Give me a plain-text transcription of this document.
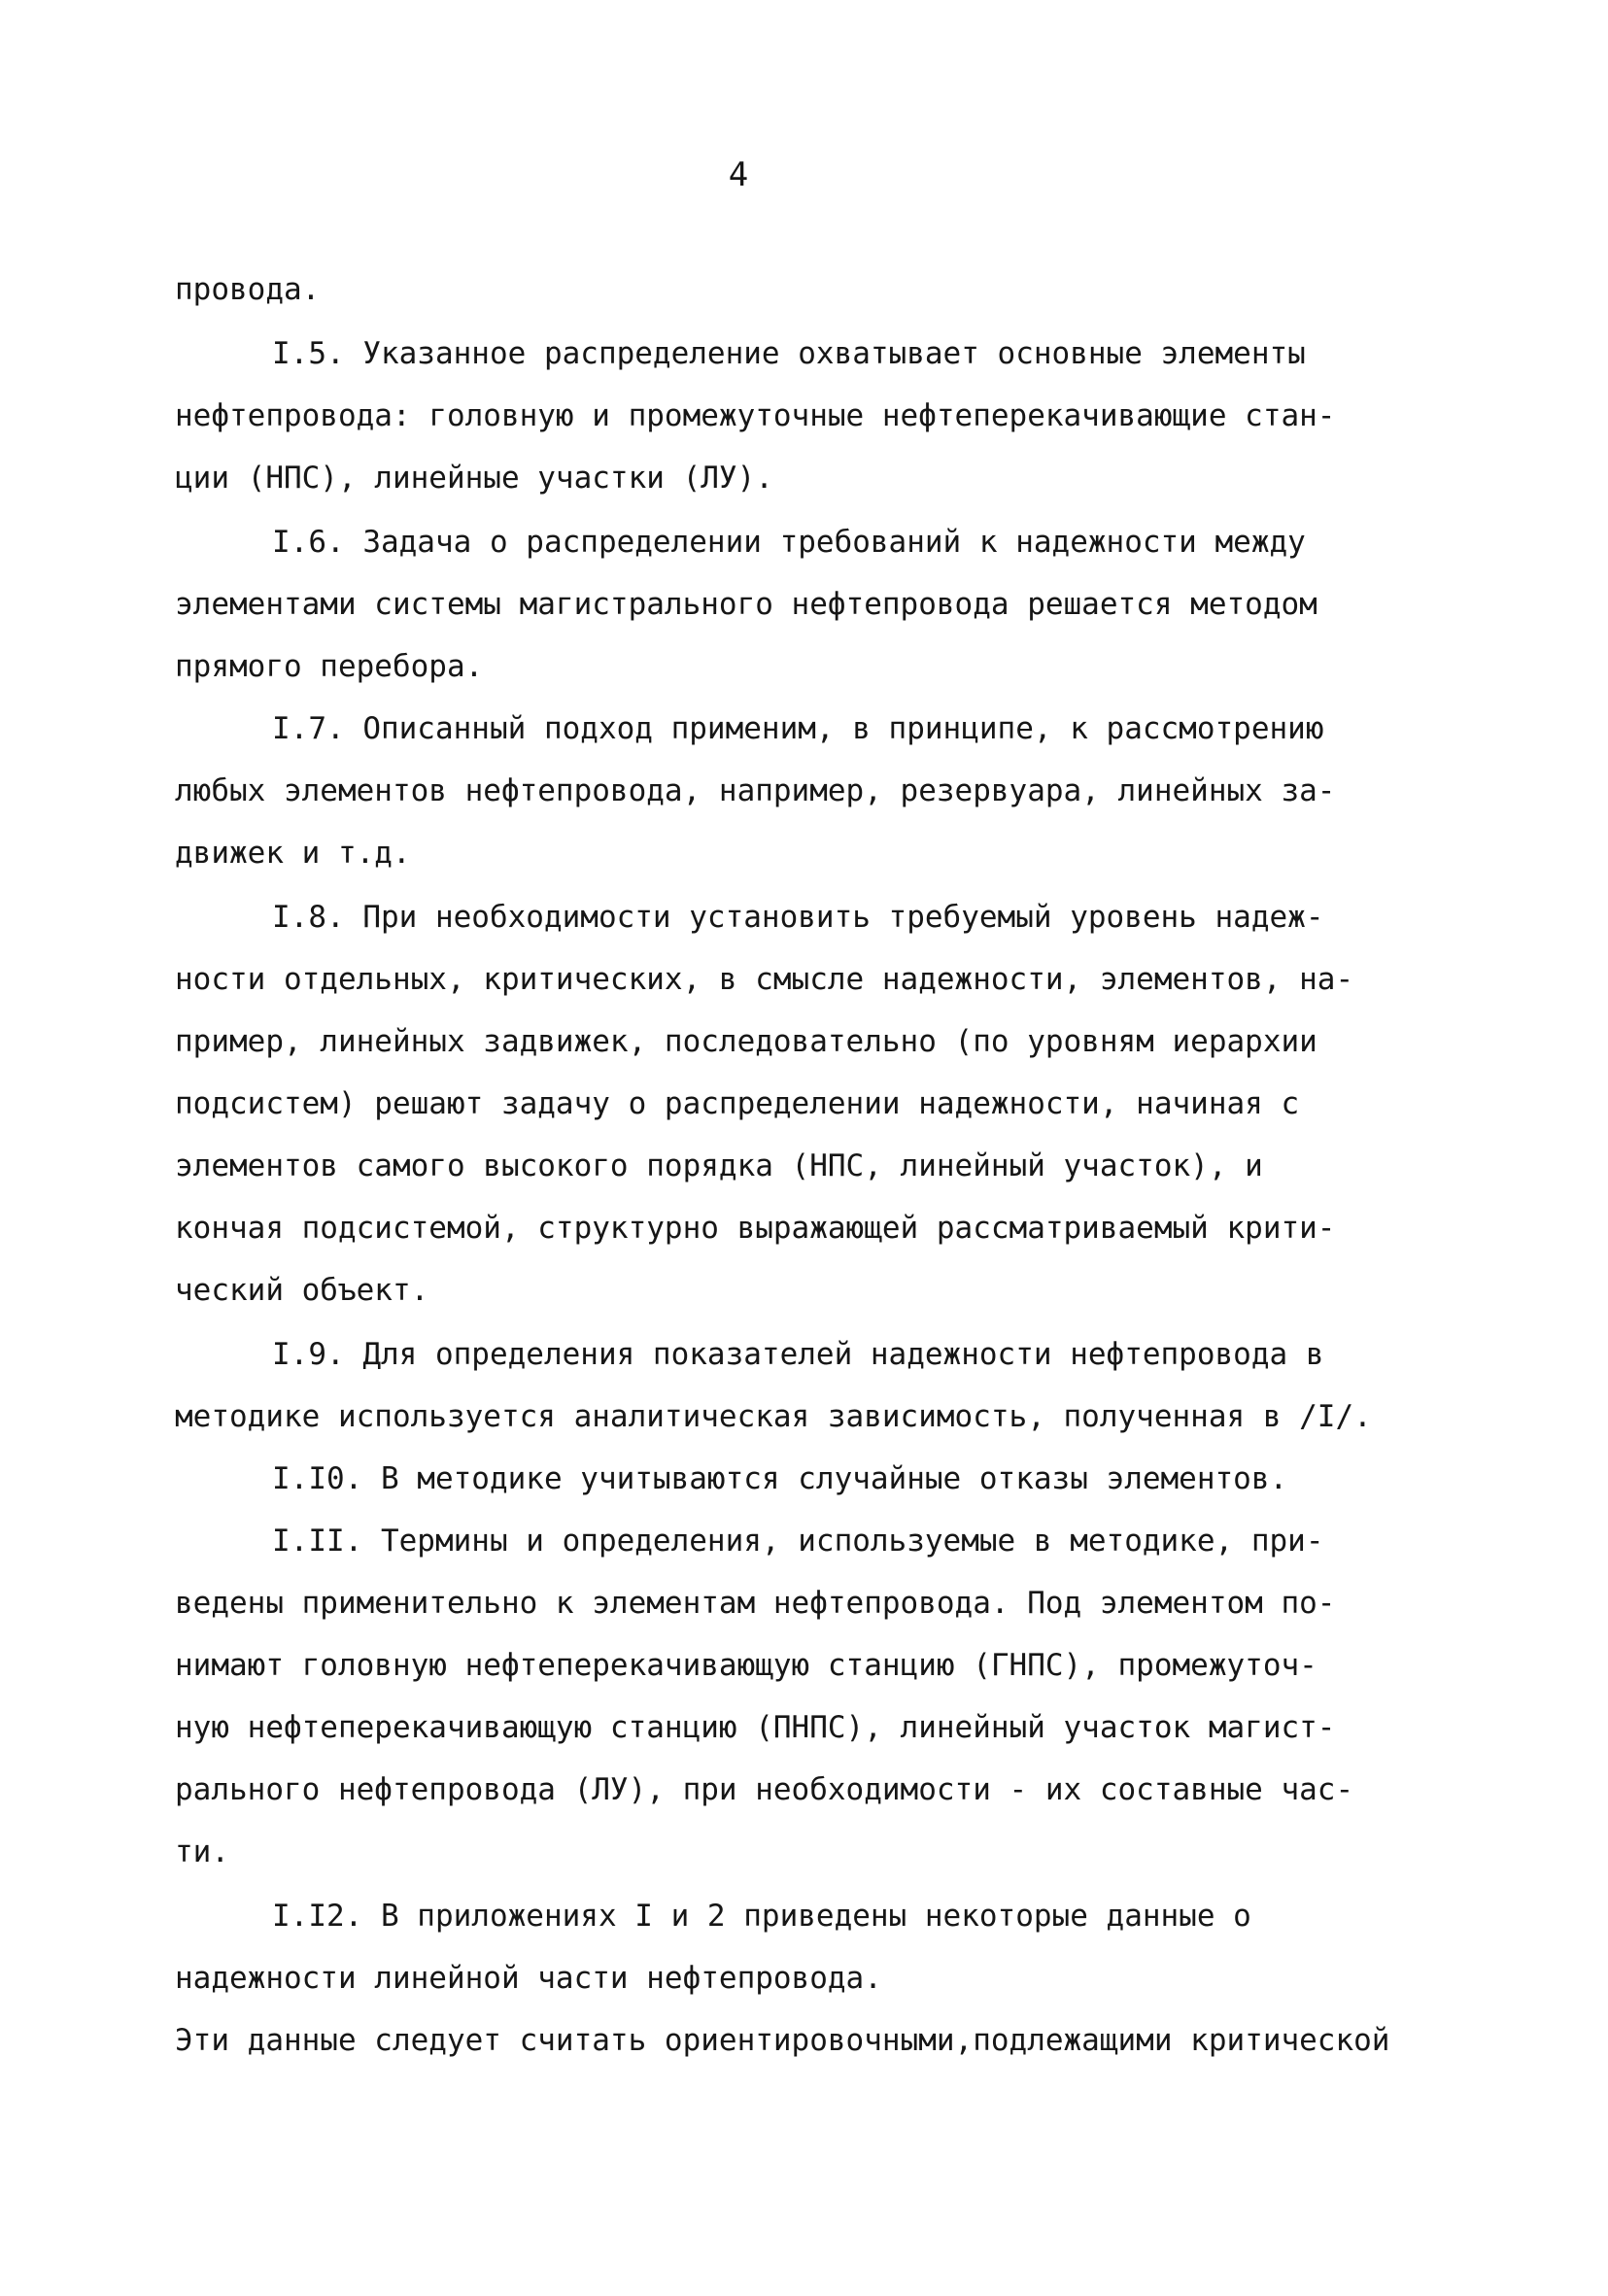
4
провода.
I.5. Указанное распределение охватывает основные элементы
нефтепровода: головную и промежуточные нефтеперекачивающие стан-
ции (НПС), линейные участки (ЛУ).
I.6. Задача о распределении требований к надежности между
элементами системы магистрального нефтепровода решается методом
прямого перебора.
I.7. Описанный подход применим, в принципе, к рассмотрению
любых элементов нефтепровода, например, резервуара, линейных за-
движек и т.д.
I.8. При необходимости установить требуемый уровень надеж-
ности отдельных, критических, в смысле надежности, элементов, на-
пример, линейных задвижек, последовательно (по уровням иерархии
подсистем) решают задачу о распределении надежности, начиная с
элементов самого высокого порядка (НПС, линейный участок), и
кончая подсистемой, структурно выражающей рассматриваемый крити-
ческий объект.
I.9. Для определения показателей надежности нефтепровода в
методике используется аналитическая зависимость, полученная в /I/.
I.I0. В методике учитываются случайные отказы элементов.
I.II. Термины и определения, используемые в методике, при-
ведены применительно к элементам нефтепровода. Под элементом по-
нимают головную нефтеперекачивающую станцию (ГНПС), промежуточ-
ную нефтеперекачивающую станцию (ПНПС), линейный участок магист-
рального нефтепровода (ЛУ), при необходимости - их составные час-
ти.
I.I2. В приложениях I и 2 приведены некоторые данные о
надежности линейной части нефтепровода.
Эти данные следует считать ориентировочными,подлежащими критической
